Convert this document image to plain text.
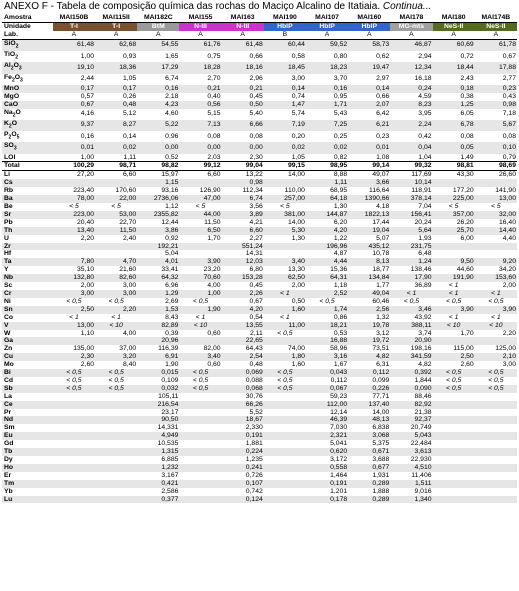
ANEXO F - Tabela de composição química das rochas do Maciço Alcalino de Itatiaia. Continua...
Amostra	MAI150B	MAI115II	MAI182C	MAI155	MAI163	MAI190	MAI107	MAI160	MAI178	MAI180	MAI174B
Unidade	T-I	T-I	BtM	N-III	N-III	HblP	HblP	HblP	MG-mts	NeS-II	NeS-II
Lab.	A	A	A	A	A	B	A	A	A	A	A
SiO$_2$	61,48	62,68	54,55	61,76	61,48	60,44	59,52	58,73	46,87	60,69	61,78
TiO$_2$	1,00	0,93	1,65	0,75	0,66	0,58	0,80	0,62	2,94	0,72	0,67
$Al_2O_3$	19,10	18,36	17,29	18,28	18,16	18,45	18,23	19,47	12,34	18,44	17,88
$Fe_2O_3$	2,44	1,05	6,74	2,70	2,96	3,00	3,70	2,97	16,18	2,43	2,77
MnO	0,17	0,17	0,16	0,21	0,21	0,14	0,16	0,14	0,24	0,18	0,23
MgO	0,57	0,26	2,18	0,40	0,45	0,74	0,95	0,66	4,59	0,38	0,43
CaO	0,67	0,48	4,23	0,56	0,50	1,47	1,71	2,07	8,23	1,25	0,98
$Na_2O$	4,16	5,12	4,60	5,15	5,40	5,74	5,43	6,42	3,95	6,05	7,18
$K_2O$	9,37	8,27	5,22	7,13	6,66	7,19	7,25	6,21	2,24	6,78	5,67
$P_2O_5$	0,16	0,14	0,96	0,08	0,08	0,20	0,25	0,23	0,42	0,08	0,08
$SO_3$	0,01	0,02	0,00	0,00	0,00	0,02	0,02	0,01	0,04	0,05	0,10
LOI	1,00	1,11	0,52	2,03	2,30	1,05	0,82	1,08	1,04	1,49	0,79
Total	100,29	98,71	98,82	99,12	99,04	99,15	98,95	99,14	99,32	98,81	98,69
Li	27,20	6,60	15,97	6,60	13,22	14,00	8,88	49,07	117,69	43,30	26,60
Cs			1,15		0,98		1,11	3,66	10,14		
Rb	223,40	170,60	93,16	126,90	112,34	110,00	68,95	116,64	118,91	177,20	141,90
Ba	78,00	22,00	2736,06	47,00	6,74	257,00	64,18	1390,66	378,14	225,00	13,00
Be	< 5	< 5	1,12	< 5	3,56	< 5	1,30	4,18	7,04	< 5	< 5
Sr	223,00	53,00	2355,82	44,00	3,89	381,00	144,87	1822,13	156,41	357,00	32,00
Pb	20,40	22,70	12,44	11,50	4,21	14,00	6,20	17,44	20,24	26,20	16,40
Th	13,40	11,50	3,86	6,50	6,60	5,30	4,20	19,04	5,64	25,70	14,40
U	2,20	2,40	0,92	1,70	2,27	1,30	1,22	5,07	1,93	6,00	4,40
Zr			192,21		551,24		196,96	435,12	231,75		
Hf			5,04		14,31		4,87	10,78	6,48		
Ta	7,80	4,70	4,01	3,90	12,03	3,40	4,44	8,13	1,24	9,50	9,20
Y	35,10	21,60	33,41	23,20	6,80	13,30	15,36	18,77	138,46	44,60	34,20
Nb	132,80	82,60	64,32	70,60	153,28	62,50	64,31	134,84	17,90	191,90	153,60
Sc	2,00	3,00	6,96	4,00	0,45	2,00	1,18	1,77	36,89	< 1	2,00
Cr	3,00	3,00	1,29	1,00	2,26	< 1	2,52	49,04	< 1	< 1	< 1
Ni	< 0,5	< 0,5	2,69	< 0,5	0,67	0,50	< 0,5	60,46	< 0,5	< 0,5	< 0,5
Sn	2,50	2,20	1,53	1,90	4,20	1,60	1,74	2,56	3,46	3,90	3,90
Co	< 1	< 1	8,43	< 1	0,54	< 1	0,86	1,32	43,92	< 1	< 1
V	13,00	< 10	82,89	< 10	13,55	11,00	18,21	19,78	388,11	< 10	< 10
W	1,10	4,00	0,39	0,60	2,11	< 0,5	0,53	3,12	3,74	1,70	2,20
Ga			20,96		22,65		16,88	19,72	20,90		
Zn	135,00	37,00	116,39	82,00	64,43	74,00	58,96	73,51	198,16	115,00	125,00
Cu	2,30	3,20	6,91	3,40	2,54	1,80	3,16	4,82	341,59	2,50	2,10
Mo	2,60	8,40	1,90	0,60	0,48	1,60	1,67	6,31	4,82	2,60	3,00
Bi	< 0,5	< 0,5	0,015	< 0,5	0,069	< 0,5	0,043	0,112	0,392	< 0,5	< 0,5
Cd	< 0,5	< 0,5	0,109	< 0,5	0,088	< 0,5	0,112	0,099	1,844	< 0,5	< 0,5
Sb	< 0,5	< 0,5	0,032	< 0,5	0,068	< 0,5	0,067	0,226	0,090	< 0,5	< 0,5
La			105,11		30,76		59,23	77,71	88,46		
Ce			216,54		66,26		112,00	137,40	82,92		
Pr			23,17		5,52		12,14	14,00	21,38		
Nd			90,50		18,67		46,39	48,13	92,37		
Sm			14,331		2,330		7,030	6,838	20,749		
Eu			4,949		0,191		2,321	3,068	5,043		
Gd			10,535		1,881		5,041	5,375	22,484		
Tb			1,315		0,224		0,620	0,671	3,613		
Dy			6,885		1,235		3,172	3,688	22,930		
Ho			1,232		0,241		0,558	0,677	4,510		
Er			3,167		0,726		1,464	1,931	11,406		
Tm			0,421		0,107		0,191	0,289	1,511		
Yb			2,586		0,742		1,201	1,888	9,016		
Lu			0,377		0,124		0,178	0,289	1,340		
